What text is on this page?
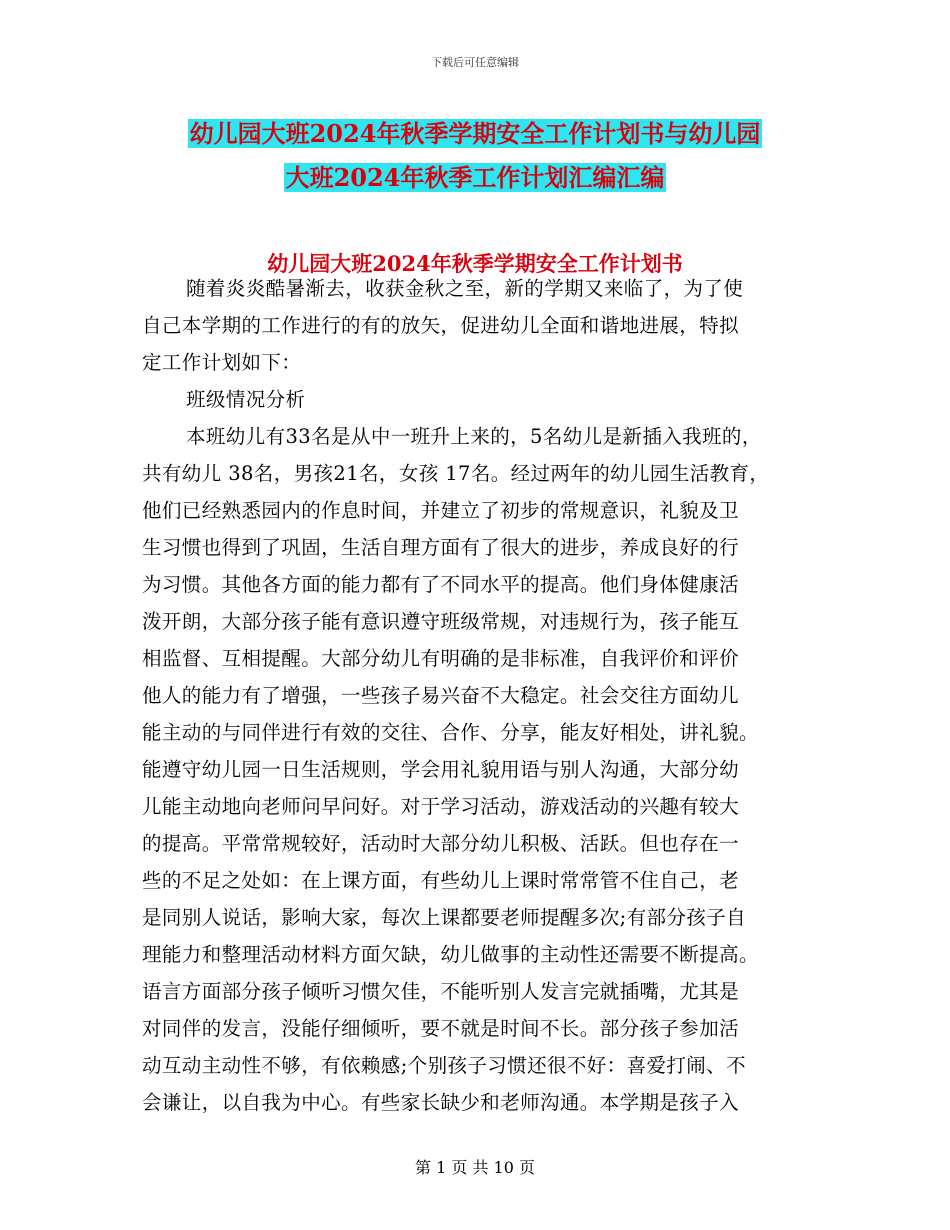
下载后可任意编辑
幼儿园大班2024年秋季学期安全工作计划书与幼儿园
大班2024年秋季工作计划汇编汇编
幼儿园大班2024年秋季学期安全工作计划书
随着炎炎酷暑渐去，收获金秋之至，新的学期又来临了，为了使
自己本学期的工作进行的有的放矢，促进幼儿全面和谐地进展，特拟
定工作计划如下：
班级情况分析
本班幼儿有33名是从中一班升上来的，5名幼儿是新插入我班的，
共有幼儿 38名，男孩21名，女孩 17名。经过两年的幼儿园生活教育，
他们已经熟悉园内的作息时间，并建立了初步的常规意识，礼貌及卫
生习惯也得到了巩固，生活自理方面有了很大的进步，养成良好的行
为习惯。其他各方面的能力都有了不同水平的提高。他们身体健康活
泼开朗，大部分孩子能有意识遵守班级常规，对违规行为，孩子能互
相监督、互相提醒。大部分幼儿有明确的是非标准，自我评价和评价
他人的能力有了增强，一些孩子易兴奋不大稳定。社会交往方面幼儿
能主动的与同伴进行有效的交往、合作、分享，能友好相处，讲礼貌。
能遵守幼儿园一日生活规则，学会用礼貌用语与别人沟通，大部分幼
儿能主动地向老师问早问好。对于学习活动，游戏活动的兴趣有较大
的提高。平常常规较好，活动时大部分幼儿积极、活跃。但也存在一
些的不足之处如：在上课方面，有些幼儿上课时常常管不住自己，老
是同别人说话，影响大家，每次上课都要老师提醒多次;有部分孩子自
理能力和整理活动材料方面欠缺，幼儿做事的主动性还需要不断提高。
语言方面部分孩子倾听习惯欠佳，不能听别人发言完就插嘴，尤其是
对同伴的发言，没能仔细倾听，要不就是时间不长。部分孩子参加活
动互动主动性不够，有依赖感;个别孩子习惯还很不好：喜爱打闹、不
会谦让，以自我为中心。有些家长缺少和老师沟通。本学期是孩子入
第 1 页 共 10 页
